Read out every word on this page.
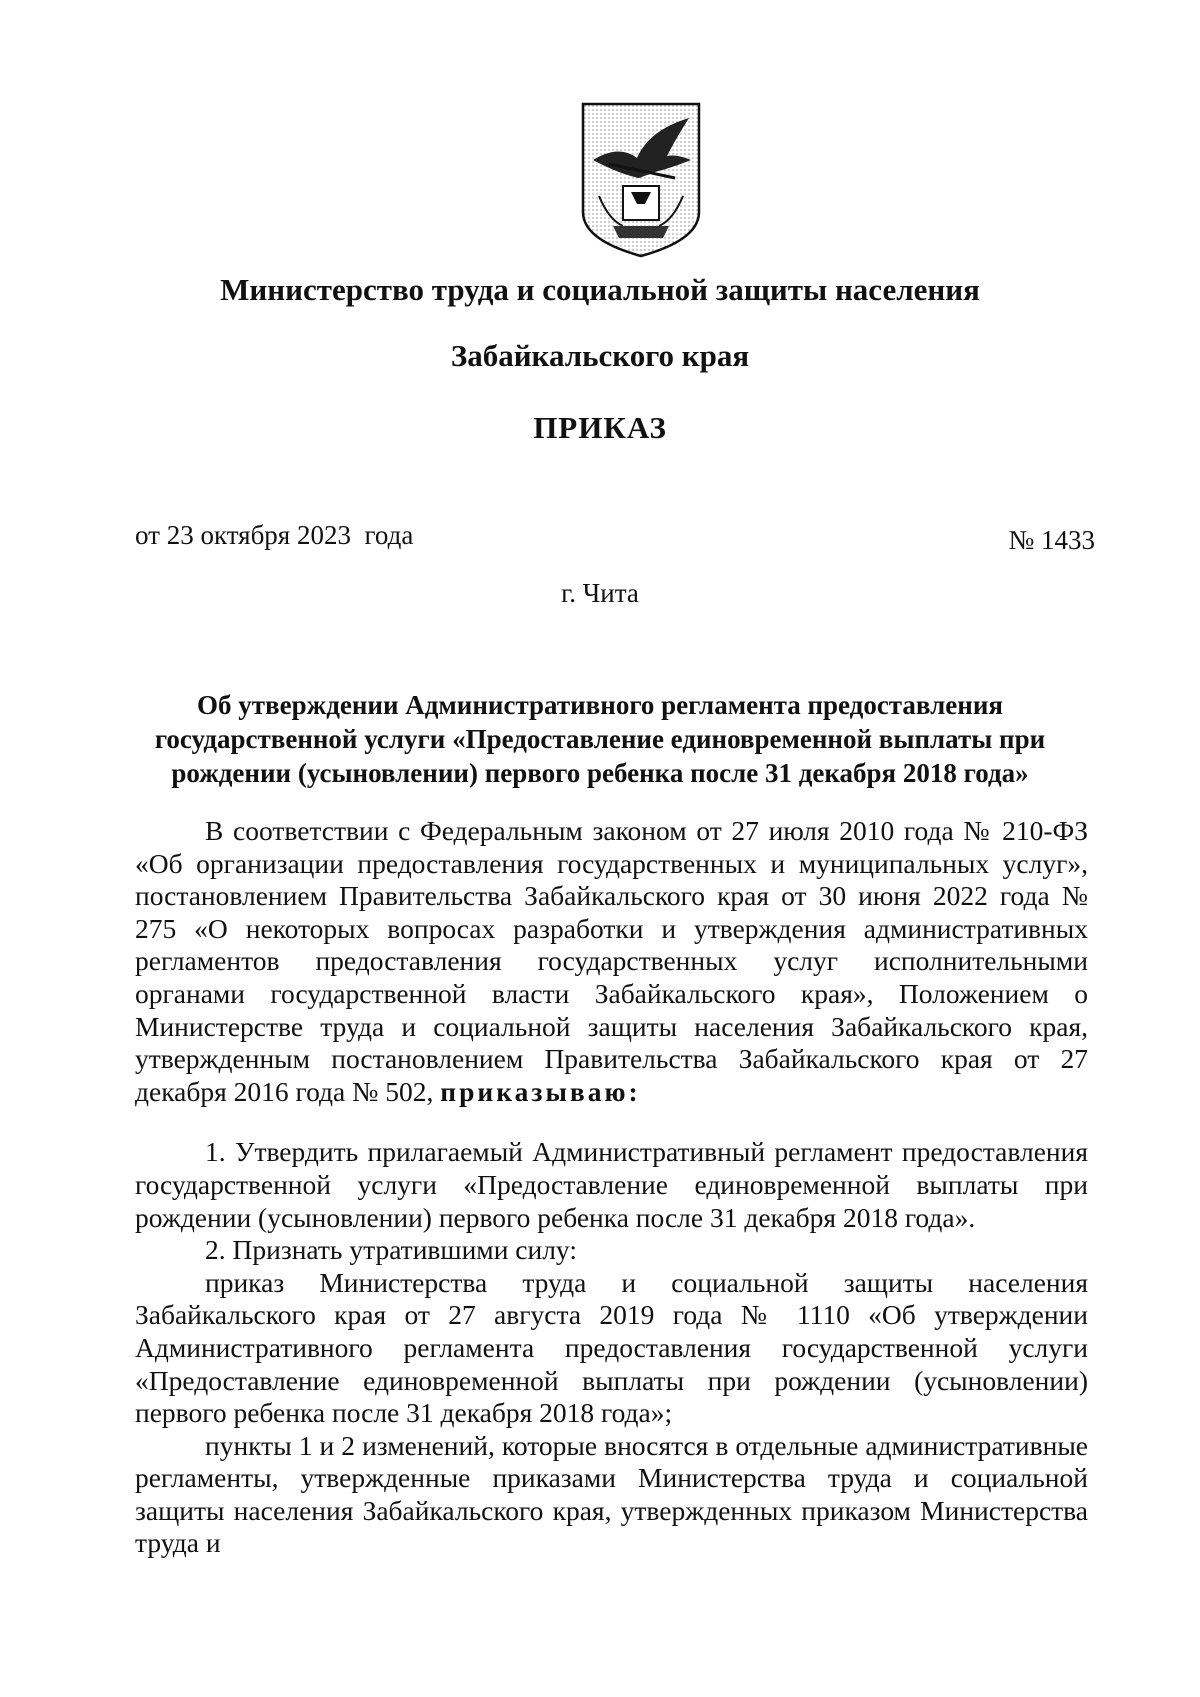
Министерство труда и социальной защиты населения
Забайкальского края
ПРИКАЗ
от 23 октября 2023  года	№ 1433
г. Чита
Об утверждении Административного регламента предоставления государственной услуги «Предоставление единовременной выплаты при рождении (усыновлении) первого ребенка после 31 декабря 2018 года»

В соответствии с Федеральным законом от 27 июля 2010 года № 210-ФЗ «Об организации предоставления государственных и муниципальных услуг», постановлением Правительства Забайкальского края от 30 июня 2022 года № 275 «О некоторых вопросах разработки и утверждения административных регламентов предоставления государственных услуг исполнительными органами государственной власти Забайкальского края», Положением о Министерстве труда и социальной защиты населения Забайкальского края, утвержденным постановлением Правительства Забайкальского края от 27 декабря 2016 года № 502, приказываю:

1. Утвердить прилагаемый Административный регламент предоставления государственной услуги «Предоставление единовременной выплаты при рождении (усыновлении) первого ребенка после 31 декабря 2018 года».

2. Признать утратившими силу:

приказ Министерства труда и социальной защиты населения Забайкальского края от 27 августа 2019 года № 1110 «Об утверждении Административного регламента предоставления государственной услуги «Предоставление единовременной выплаты при рождении (усыновлении) первого ребенка после 31 декабря 2018 года»;

пункты 1 и 2 изменений, которые вносятся в отдельные административные регламенты, утвержденные приказами Министерства труда и социальной защиты населения Забайкальского края, утвержденных приказом Министерства труда и
